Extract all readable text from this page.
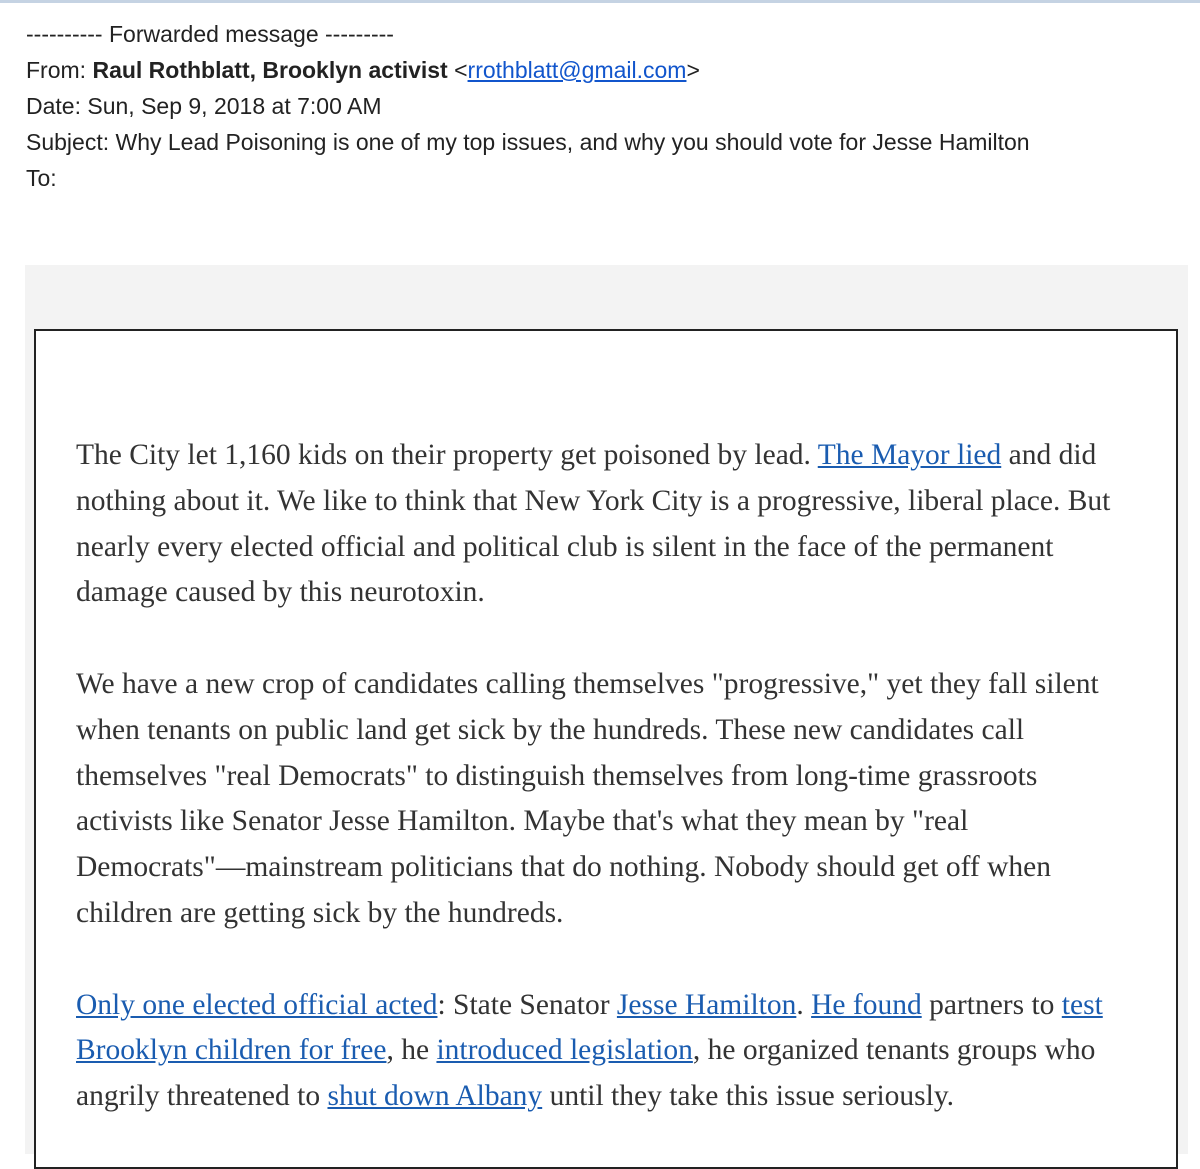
---------- Forwarded message ---------
From: Raul Rothblatt, Brooklyn activist <rrothblatt@gmail.com>
Date: Sun, Sep 9, 2018 at 7:00 AM
Subject: Why Lead Poisoning is one of my top issues, and why you should vote for Jesse Hamilton
To:

The City let 1,160 kids on their property get poisoned by lead. The Mayor lied and did nothing about it. We like to think that New York City is a progressive, liberal place. But nearly every elected official and political club is silent in the face of the permanent damage caused by this neurotoxin.

We have a new crop of candidates calling themselves "progressive," yet they fall silent when tenants on public land get sick by the hundreds. These new candidates call themselves "real Democrats" to distinguish themselves from long-time grassroots activists like Senator Jesse Hamilton. Maybe that's what they mean by "real Democrats"—mainstream politicians that do nothing. Nobody should get off when children are getting sick by the hundreds.

Only one elected official acted: State Senator Jesse Hamilton. He found partners to test Brooklyn children for free, he introduced legislation, he organized tenants groups who angrily threatened to shut down Albany until they take this issue seriously.
